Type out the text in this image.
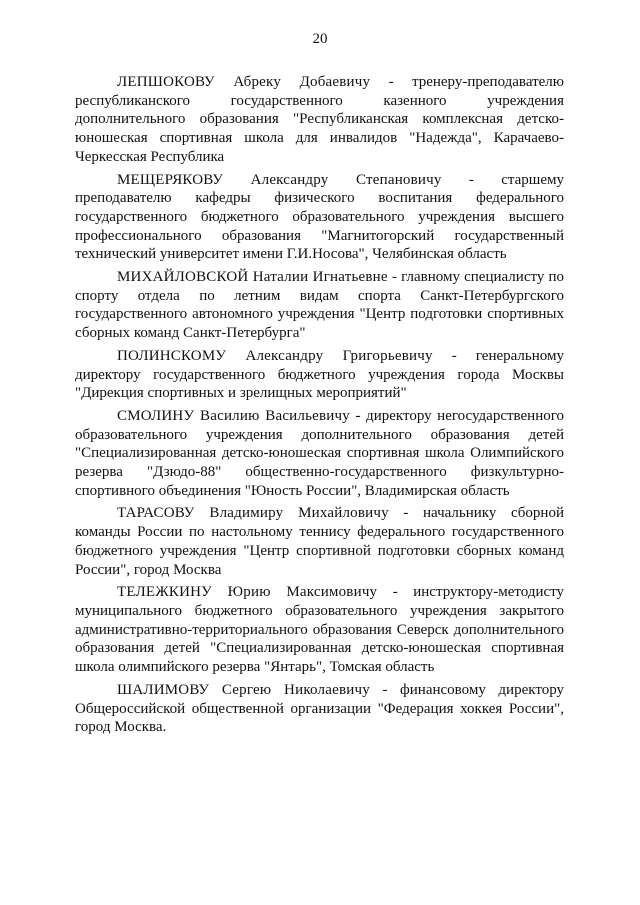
20

ЛЕПШОКОВУ Абреку Добаевичу - тренеру-преподавателю республиканского государственного казенного учреждения дополнительного образования "Республиканская комплексная детско-юношеская спортивная школа для инвалидов "Надежда", Карачаево-Черкесская Республика

МЕЩЕРЯКОВУ Александру Степановичу - старшему преподавателю кафедры физического воспитания федерального государственного бюджетного образовательного учреждения высшего профессионального образования "Магнитогорский государственный технический университет имени Г.И.Носова", Челябинская область

МИХАЙЛОВСКОЙ Наталии Игнатьевне - главному специалисту по спорту отдела по летним видам спорта Санкт-Петербургского государственного автономного учреждения "Центр подготовки спортивных сборных команд Санкт-Петербурга"

ПОЛИНСКОМУ Александру Григорьевичу - генеральному директору государственного бюджетного учреждения города Москвы "Дирекция спортивных и зрелищных мероприятий"

СМОЛИНУ Василию Васильевичу - директору негосударственного образовательного учреждения дополнительного образования детей "Специализированная детско-юношеская спортивная школа Олимпийского резерва "Дзюдо-88" общественно-государственного физкультурно-спортивного объединения "Юность России", Владимирская область

ТАРАСОВУ Владимиру Михайловичу - начальнику сборной команды России по настольному теннису федерального государственного бюджетного учреждения "Центр спортивной подготовки сборных команд России", город Москва

ТЕЛЕЖКИНУ Юрию Максимовичу - инструктору-методисту муниципального бюджетного образовательного учреждения закрытого административно-территориального образования Северск дополнительного образования детей "Специализированная детско-юношеская спортивная школа олимпийского резерва "Янтарь", Томская область

ШАЛИМОВУ Сергею Николаевичу - финансовому директору Общероссийской общественной организации "Федерация хоккея России", город Москва.
